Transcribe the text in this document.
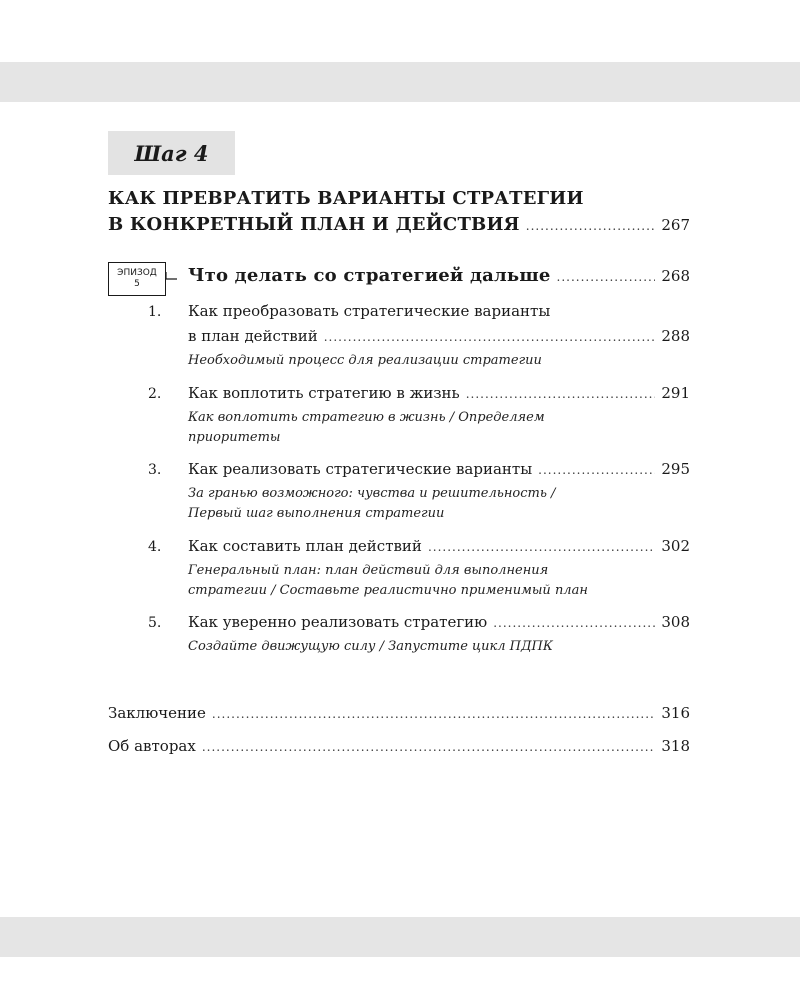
Шаг 4
КАК ПРЕВРАТИТЬ ВАРИАНТЫ СТРАТЕГИИ
В КОНКРЕТНЫЙ ПЛАН И ДЕЙСТВИЯ .....	267
ЭПИЗОД
5	Что делать со стратегией дальше .....	268
1.	Как преобразовать стратегические варианты
в план действий .....	288
Необходимый процесс для реализации стратегии
2.	Как воплотить стратегию в жизнь .....	291
Как воплотить стратегию в жизнь / Определяем
приоритеты
3.	Как реализовать стратегические варианты .....	295
За гранью возможного: чувства и решительность /
Первый шаг выполнения стратегии
4.	Как составить план действий .....	302
Генеральный план: план действий для выполнения
стратегии / Составьте реалистично применимый план
5.	Как уверенно реализовать стратегию .....	308
Создайте движущую силу / Запустите цикл ПДПК
Заключение .....	316
Об авторах .....	318
